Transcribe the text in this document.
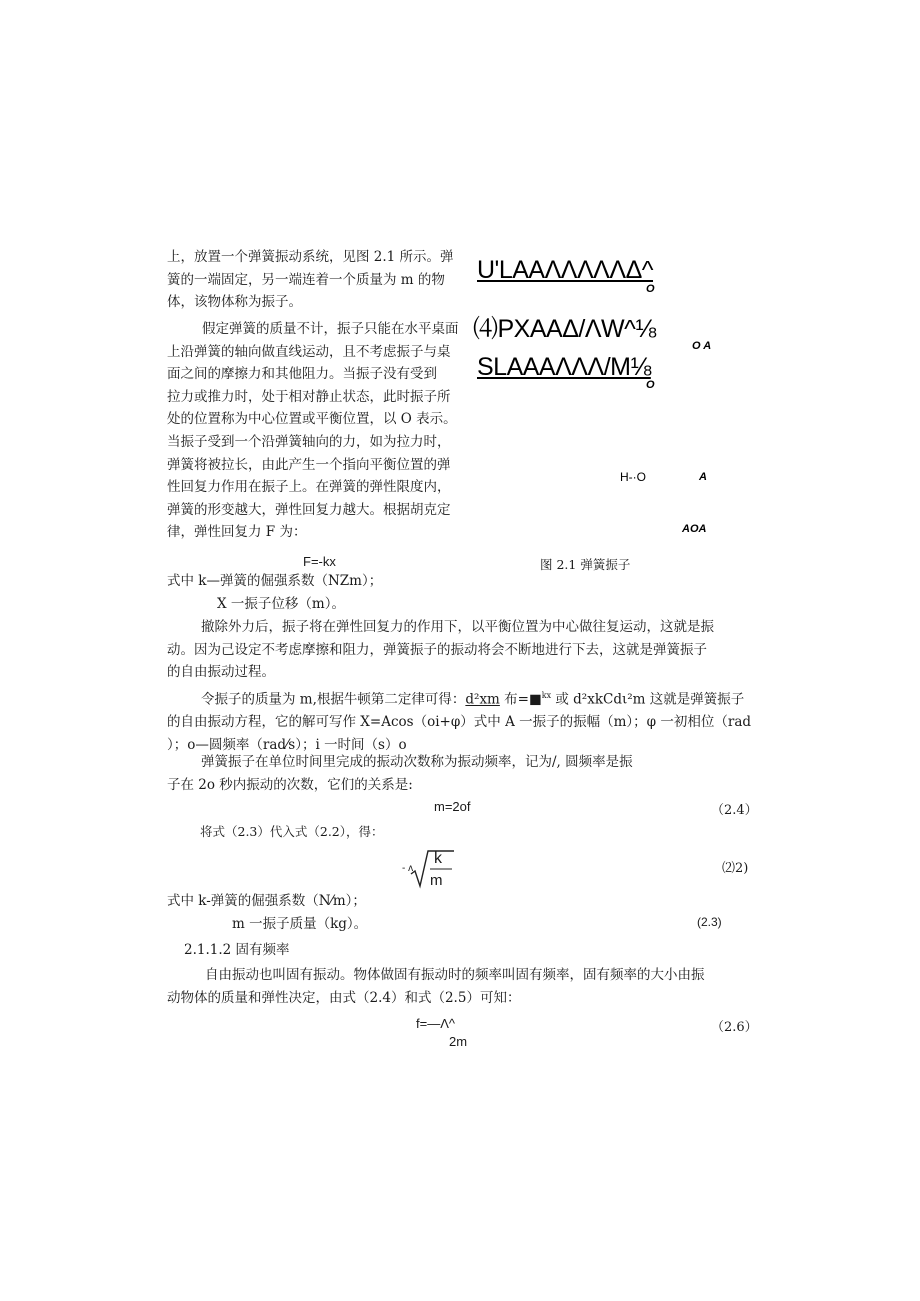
上，放置一个弹簧振动系统，见图 2.1 所示。弹
簧的一端固定，另一端连着一个质量为 m 的物
体，该物体称为振子。
假定弹簧的质量不计，振子只能在水平桌面
上沿弹簧的轴向做直线运动，且不考虑振子与桌
面之间的摩擦力和其他阻力。当振子没有受到
拉力或推力时，处于相对静止状态，此时振子所
处的位置称为中心位置或平衡位置，以 O 表示。
当振子受到一个沿弹簧轴向的力，如为拉力时，
弹簧将被拉长，由此产生一个指向平衡位置的弹
性回复力作用在振子上。在弹簧的弹性限度内，
弹簧的形变越大，弹性回复力越大。根据胡克定
律，弹性回复力 F 为：
F=-kx
U'LAAΛΛΛΛΛΔ^
O
⑷PXAAΔ/ΛW^⅛
O A
SLAAAΛΛΛ/M⅛
O
H-·O	A
AOA
图 2.1 弹簧振子
式中 k—弹簧的倔强系数（NZm）；
X 一振子位移（m）。
撤除外力后，振子将在弹性回复力的作用下，以平衡位置为中心做往复运动，这就是振
动。因为己设定不考虑摩擦和阻力，弹簧振子的振动将会不断地进行下去，这就是弹簧振子
的自由振动过程。
令振子的质量为 m,根据牛顿第二定律可得：d²xm 布=■$^{kx}$ 或 d²xkCdι²m 这就是弹簧振子
的自由振动方程，它的解可写作 X=Acos（oi+φ）式中 A 一振子的振幅（m）；φ 一初相位（rad
）；o—圆频率（rad⁄s）；i 一时间（s）o
弹簧振子在单位时间里完成的振动次数称为振动频率，记为/, 圆频率是振
子在 2o 秒内振动的次数，它们的关系是:
m=2of	（2.4）
将式（2.3）代入式（2.2），得：
- ʌ
k
m
⑵2)
式中 k-弹簧的倔强系数（N⁄m）；
m 一振子质量（kg）。	(2.3)
2.1.1.2 固有频率
自由振动也叫固有振动。物体做固有振动时的频率叫固有频率，固有频率的大小由振
动物体的质量和弹性决定，由式（2.4）和式（2.5）可知：
f=—Λ^
2m
（2.6）
